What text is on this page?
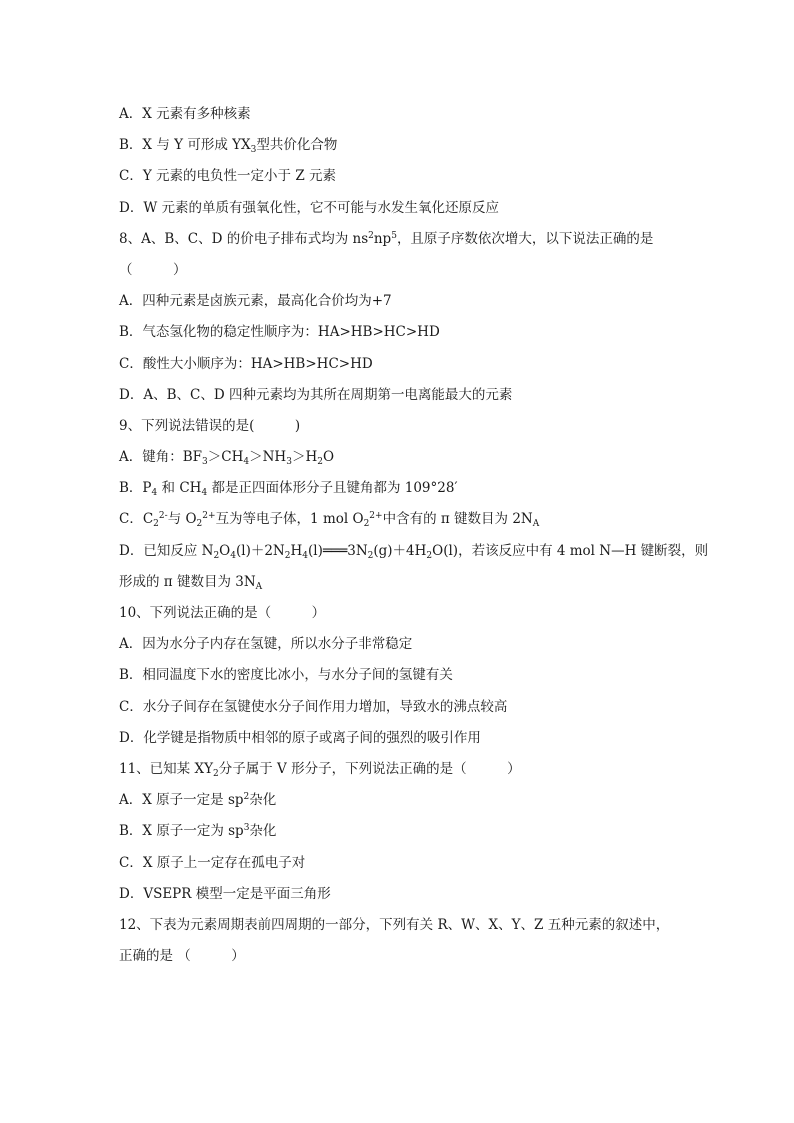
A．X 元素有多种核素
B．X 与 Y 可形成 $YX_3$型共价化合物
C．Y 元素的电负性一定小于 Z 元素
D．W 元素的单质有强氧化性，它不可能与水发生氧化还原反应
8、A、B、C、D 的价电子排布式均为 $ns^2np^5$，且原子序数依次增大，以下说法正确的是
（　　　）
A．四种元素是卤族元素，最高化合价均为+7
B．气态氢化物的稳定性顺序为：HA>HB>HC>HD
C．酸性大小顺序为：HA>HB>HC>HD
D．A、B、C、D 四种元素均为其所在周期第一电离能最大的元素
9、下列说法错误的是(　　　)
A．键角：$BF_3>CH_4>NH_3>H_2O$
B．$P_4$ 和 $CH_4$ 都是正四面体形分子且键角都为 109°28′
C．$C_2^{2-}$与 $O_2^{2+}$互为等电子体，1 mol $O_2^{2+}$中含有的 π 键数目为 $2N_A$
D．已知反应 $N_2O_4(l)+2N_2H_4(l)═══3N_2(g)+4H_2O(l)$，若该反应中有 4 mol N—H 键断裂，则
形成的 π 键数目为 $3N_A$
10、下列说法正确的是（　　　）
A．因为水分子内存在氢键，所以水分子非常稳定
B．相同温度下水的密度比冰小，与水分子间的氢键有关
C．水分子间存在氢键使水分子间作用力增加，导致水的沸点较高
D．化学键是指物质中相邻的原子或离子间的强烈的吸引作用
11、已知某 $XY_2$分子属于 V 形分子，下列说法正确的是（　　　）
A．X 原子一定是 $sp^2$杂化
B．X 原子一定为 $sp^3$杂化
C．X 原子上一定存在孤电子对
D．VSEPR 模型一定是平面三角形
12、下表为元素周期表前四周期的一部分，下列有关 R、W、X、Y、Z 五种元素的叙述中，
正确的是 （　　　）
